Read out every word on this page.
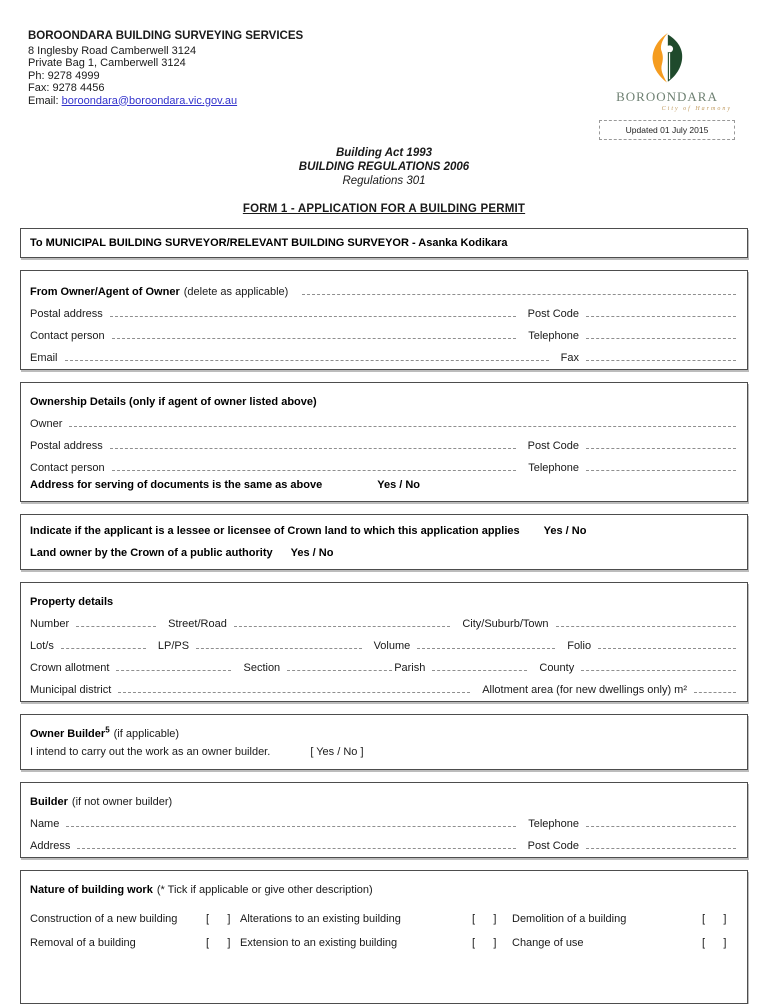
BOROONDARA BUILDING SURVEYING SERVICES
8 Inglesby Road Camberwell 3124
Private Bag 1, Camberwell 3124
Ph: 9278 4999
Fax: 9278 4456
Email: boroondara@boroondara.vic.gov.au	BOROONDARA
City of Harmony
Updated 01 July 2015
Building Act 1993
BUILDING REGULATIONS 2006
Regulations 301
FORM 1 - APPLICATION FOR A BUILDING PERMIT
To MUNICIPAL BUILDING SURVEYOR/RELEVANT BUILDING SURVEYOR - Asanka Kodikara
From Owner/Agent of Owner (delete as applicable)
Postal address	Post Code
Contact person	Telephone
Email	Fax
Ownership Details (only if agent of owner listed above)
Owner
Postal address	Post Code
Contact person	Telephone
Address for serving of documents is the same as above	Yes / No
Indicate if the applicant is a lessee or licensee of Crown land to which this application applies Yes / No
Land owner by the Crown of a public authority Yes / No
Property details
Number	Street/Road	City/Suburb/Town
Lot/s	LP/PS	Volume	Folio
Crown allotment	Section	Parish	County
Municipal district	Allotment area (for new dwellings only) m²
Owner Builder$^5$ (if applicable)
I intend to carry out the work as an owner builder.	[ Yes / No ]
Builder (if not owner builder)
Name	Telephone
Address	Post Code
Nature of building work (* Tick if applicable or give other description)
Construction of a new building	[      ] Alterations to an existing building	[      ]	Demolition of a building	[      ]
Removal of a building	[      ] Extension to an existing building	[      ]	Change of use	[      ]
